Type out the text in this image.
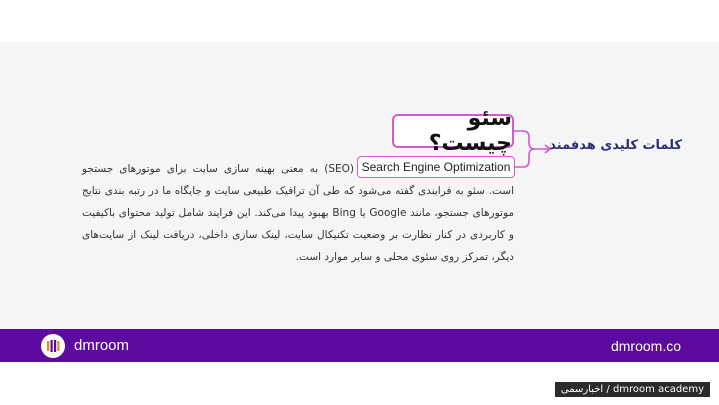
سئو چیست؟	کلمات کلیدی هدفمند
Search Engine Optimization
(SEO) به معنی بهینه سازی سایت برای موتورهای جستجو است. سئو به فرایندی گفته می‌شود که طی آن ترافیک طبیعی سایت و جایگاه ما در رتبه بندی نتایج موتورهای جستجو، مانند Google یا Bing بهبود پیدا می‌کند. این فرایند شامل تولید محتوای باکیفیت و کاربردی در کنار نظارت بر وضعیت تکنیکال سایت، لینک سازی داخلی، دریافت لینک از سایت‌های دیگر، تمرکز روی سئوی محلی و سایر موارد است.
dmroom	dmroom.co
اخبارسمی / dmroom academy
